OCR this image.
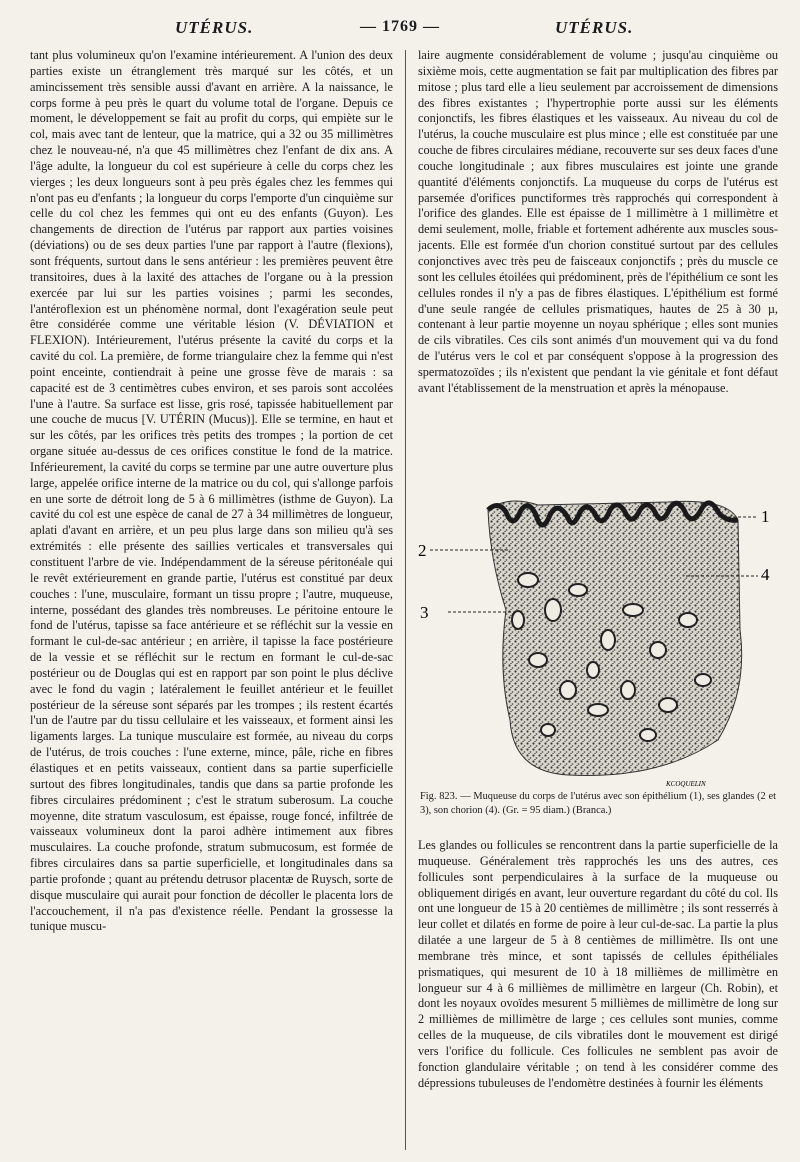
UTÉRUS.	— 1769 —	UTÉRUS.

tant plus volumineux qu'on l'examine intérieurement. A l'union des deux parties existe un étranglement très marqué sur les côtés, et un amincissement très sensible aussi d'avant en arrière. A la naissance, le corps forme à peu près le quart du volume total de l'organe. Depuis ce moment, le développement se fait au profit du corps, qui empiète sur le col, mais avec tant de lenteur, que la matrice, qui a 32 ou 35 millimètres chez le nouveau-né, n'a que 45 millimètres chez l'enfant de dix ans. A l'âge adulte, la longueur du col est supérieure à celle du corps chez les vierges ; les deux longueurs sont à peu près égales chez les femmes qui n'ont pas eu d'enfants ; la longueur du corps l'emporte d'un cinquième sur celle du col chez les femmes qui ont eu des enfants (Guyon). Les changements de direction de l'utérus par rapport aux parties voisines (déviations) ou de ses deux parties l'une par rapport à l'autre (flexions), sont fréquents, surtout dans le sens antérieur : les premières peuvent être transitoires, dues à la laxité des attaches de l'organe ou à la pression exercée par lui sur les parties voisines ; parmi les secondes, l'antéroflexion est un phénomène normal, dont l'exagération seule peut être considérée comme une véritable lésion (V. DÉVIATION et FLEXION). Intérieurement, l'utérus présente la cavité du corps et la cavité du col. La première, de forme triangulaire chez la femme qui n'est point enceinte, contiendrait à peine une grosse fève de marais : sa capacité est de 3 centimètres cubes environ, et ses parois sont accolées l'une à l'autre. Sa surface est lisse, gris rosé, tapissée habituellement par une couche de mucus [V. UTÉRIN (Mucus)]. Elle se termine, en haut et sur les côtés, par les orifices très petits des trompes ; la portion de cet organe située au-dessus de ces orifices constitue le fond de la matrice. Inférieurement, la cavité du corps se termine par une autre ouverture plus large, appelée orifice interne de la matrice ou du col, qui s'allonge parfois en une sorte de détroit long de 5 à 6 millimètres (isthme de Guyon). La cavité du col est une espèce de canal de 27 à 34 millimètres de longueur, aplati d'avant en arrière, et un peu plus large dans son milieu qu'à ses extrémités : elle présente des saillies verticales et transversales qui constituent l'arbre de vie. Indépendamment de la séreuse péritonéale qui le revêt extérieurement en grande partie, l'utérus est constitué par deux couches : l'une, musculaire, formant un tissu propre ; l'autre, muqueuse, interne, possédant des glandes très nombreuses. Le péritoine entoure le fond de l'utérus, tapisse sa face antérieure et se réfléchit sur la vessie en formant le cul-de-sac antérieur ; en arrière, il tapisse la face postérieure de la vessie et se réfléchit sur le rectum en formant le cul-de-sac postérieur ou de Douglas qui est en rapport par son point le plus déclive avec le fond du vagin ; latéralement le feuillet antérieur et le feuillet postérieur de la séreuse sont séparés par les trompes ; ils restent écartés l'un de l'autre par du tissu cellulaire et les vaisseaux, et forment ainsi les ligaments larges. La tunique musculaire est formée, au niveau du corps de l'utérus, de trois couches : l'une externe, mince, pâle, riche en fibres élastiques et en petits vaisseaux, contient dans sa partie superficielle surtout des fibres longitudinales, tandis que dans sa partie profonde les fibres circulaires prédominent ; c'est le stratum suberosum. La couche moyenne, dite stratum vasculosum, est épaisse, rouge foncé, infiltrée de vaisseaux volumineux dont la paroi adhère intimement aux fibres musculaires. La couche profonde, stratum submucosum, est formée de fibres circulaires dans sa partie superficielle, et longitudinales dans sa partie profonde ; quant au prétendu detrusor placentæ de Ruysch, sorte de disque musculaire qui aurait pour fonction de décoller le placenta lors de l'accouchement, il n'a pas d'existence réelle. Pendant la grossesse la tunique muscu-

laire augmente considérablement de volume ; jusqu'au cinquième ou sixième mois, cette augmentation se fait par multiplication des fibres par mitose ; plus tard elle a lieu seulement par accroissement de dimensions des fibres existantes ; l'hypertrophie porte aussi sur les éléments conjonctifs, les fibres élastiques et les vaisseaux. Au niveau du col de l'utérus, la couche musculaire est plus mince ; elle est constituée par une couche de fibres circulaires médiane, recouverte sur ses deux faces d'une couche longitudinale ; aux fibres musculaires est jointe une grande quantité d'éléments conjonctifs. La muqueuse du corps de l'utérus est parsemée d'orifices punctiformes très rapprochés qui correspondent à l'orifice des glandes. Elle est épaisse de 1 millimètre à 1 millimètre et demi seulement, molle, friable et fortement adhérente aux muscles sous-jacents. Elle est formée d'un chorion constitué surtout par des cellules conjonctives avec très peu de faisceaux conjonctifs ; près du muscle ce sont les cellules étoilées qui prédominent, près de l'épithélium ce sont les cellules rondes il n'y a pas de fibres élastiques. L'épithélium est formé d'une seule rangée de cellules prismatiques, hautes de 25 à 30 µ, contenant à leur partie moyenne un noyau sphérique ; elles sont munies de cils vibratiles. Ces cils sont animés d'un mouvement qui va du fond de l'utérus vers le col et par conséquent s'oppose à la progression des spermatozoïdes ; ils n'existent que pendant la vie génitale et font défaut avant l'établissement de la menstruation et après la ménopause.

1
2
3
4
KCOQUELIN
Fig. 823. — Muqueuse du corps de l'utérus avec son épithélium (1), ses glandes (2 et 3), son chorion (4). (Gr. = 95 diam.) (Branca.)

Les glandes ou follicules se rencontrent dans la partie superficielle de la muqueuse. Généralement très rapprochés les uns des autres, ces follicules sont perpendiculaires à la surface de la muqueuse ou obliquement dirigés en avant, leur ouverture regardant du côté du col. Ils ont une longueur de 15 à 20 centièmes de millimètre ; ils sont resserrés à leur collet et dilatés en forme de poire à leur cul-de-sac. La partie la plus dilatée a une largeur de 5 à 8 centièmes de millimètre. Ils ont une membrane très mince, et sont tapissés de cellules épithéliales prismatiques, qui mesurent de 10 à 18 millièmes de millimètre en longueur sur 4 à 6 millièmes de millimètre en largeur (Ch. Robin), et dont les noyaux ovoïdes mesurent 5 millièmes de millimètre de long sur 2 millièmes de millimètre de large ; ces cellules sont munies, comme celles de la muqueuse, de cils vibratiles dont le mouvement est dirigé vers l'orifice du follicule. Ces follicules ne semblent pas avoir de fonction glandulaire véritable ; on tend à les considérer comme des dépressions tubuleuses de l'endomètre destinées à fournir les éléments
